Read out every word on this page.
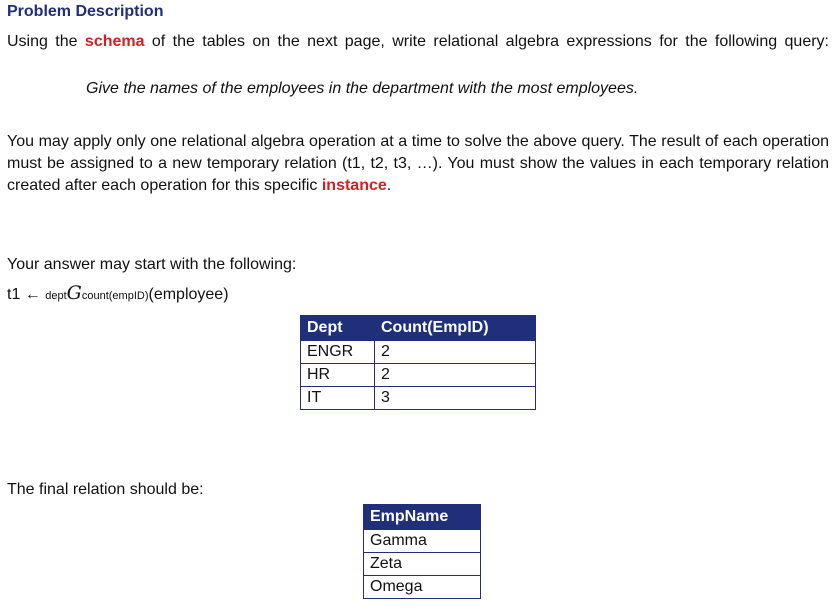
Problem Description
Using the schema of the tables on the next page, write relational algebra expressions for the following query:
Give the names of the employees in the department with the most employees.
You may apply only one relational algebra operation at a time to solve the above query. The result of each operation must be assigned to a new temporary relation (t1, t2, t3, …). You must show the values in each temporary relation created after each operation for this specific instance.
Your answer may start with the following:
t1 ← deptGcount(empID)(employee)
Dept	Count(EmpID)
ENGR	2
HR	2
IT	3
The final relation should be:
EmpName
Gamma
Zeta
Omega
